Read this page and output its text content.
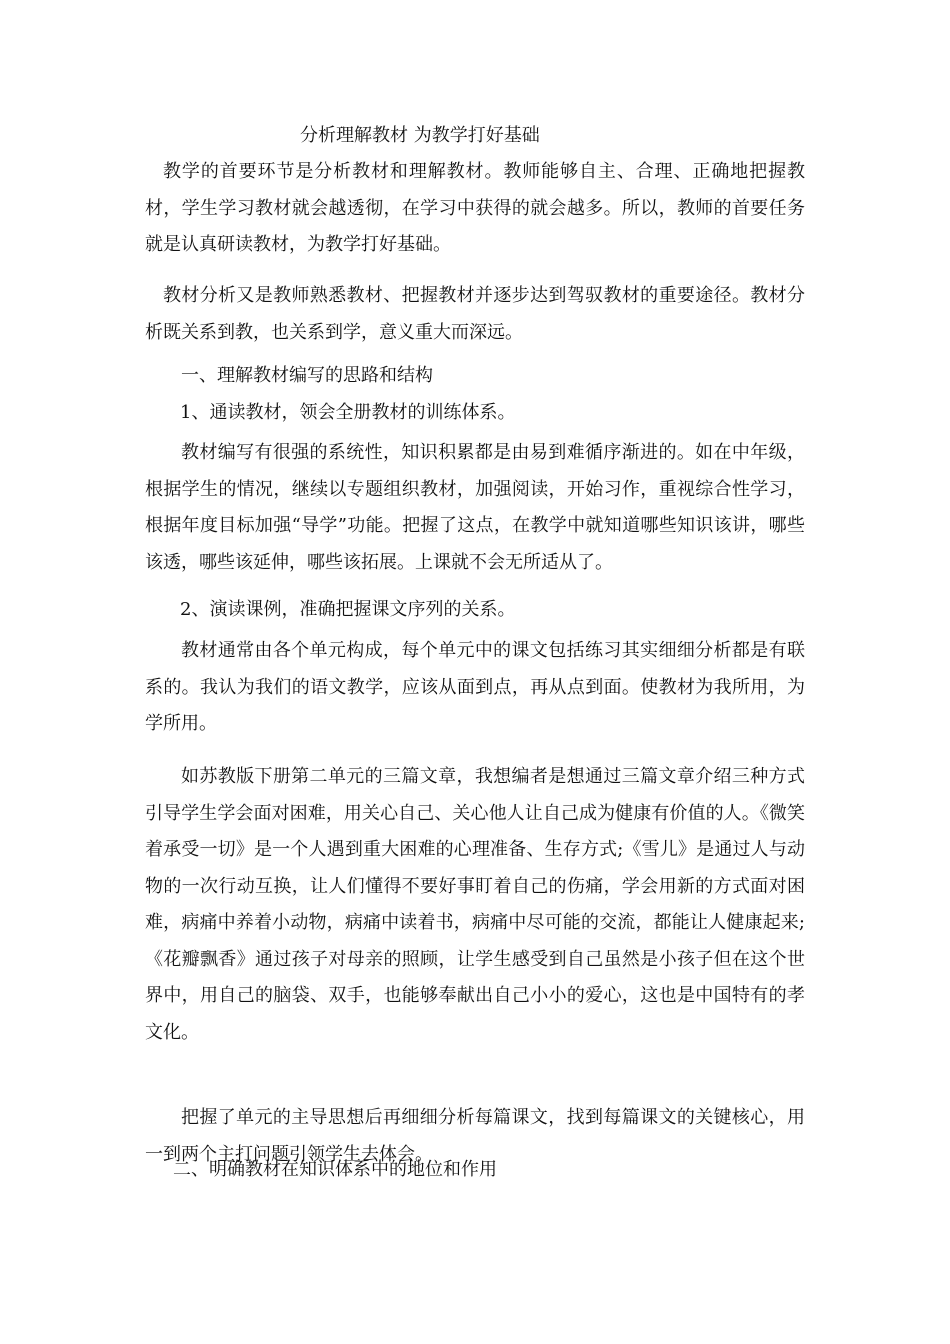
分析理解教材 为教学打好基础

教学的首要环节是分析教材和理解教材。教师能够自主、合理、正确地把握教材，学生学习教材就会越透彻，在学习中获得的就会越多。所以，教师的首要任务就是认真研读教材，为教学打好基础。

教材分析又是教师熟悉教材、把握教材并逐步达到驾驭教材的重要途径。教材分析既关系到教，也关系到学，意义重大而深远。

一、理解教材编写的思路和结构
1、通读教材，领会全册教材的训练体系。

教材编写有很强的系统性，知识积累都是由易到难循序渐进的。如在中年级，根据学生的情况，继续以专题组织教材，加强阅读，开始习作，重视综合性学习，根据年度目标加强“导学”功能。把握了这点，在教学中就知道哪些知识该讲，哪些该透，哪些该延伸，哪些该拓展。上课就不会无所适从了。

2、演读课例，准确把握课文序列的关系。

教材通常由各个单元构成，每个单元中的课文包括练习其实细细分析都是有联系的。我认为我们的语文教学，应该从面到点，再从点到面。使教材为我所用，为学所用。

如苏教版下册第二单元的三篇文章，我想编者是想通过三篇文章介绍三种方式引导学生学会面对困难，用关心自己、关心他人让自己成为健康有价值的人。《微笑着承受一切》是一个人遇到重大困难的心理准备、生存方式;《雪儿》是通过人与动物的一次行动互换，让人们懂得不要好事盯着自己的伤痛，学会用新的方式面对困难，病痛中养着小动物，病痛中读着书，病痛中尽可能的交流，都能让人健康起来;《花瓣飘香》通过孩子对母亲的照顾，让学生感受到自己虽然是小孩子但在这个世界中，用自己的脑袋、双手，也能够奉献出自己小小的爱心，这也是中国特有的孝文化。

把握了单元的主导思想后再细细分析每篇课文，找到每篇课文的关键核心，用一到两个主打问题引领学生去体会。

二、明确教材在知识体系中的地位和作用
